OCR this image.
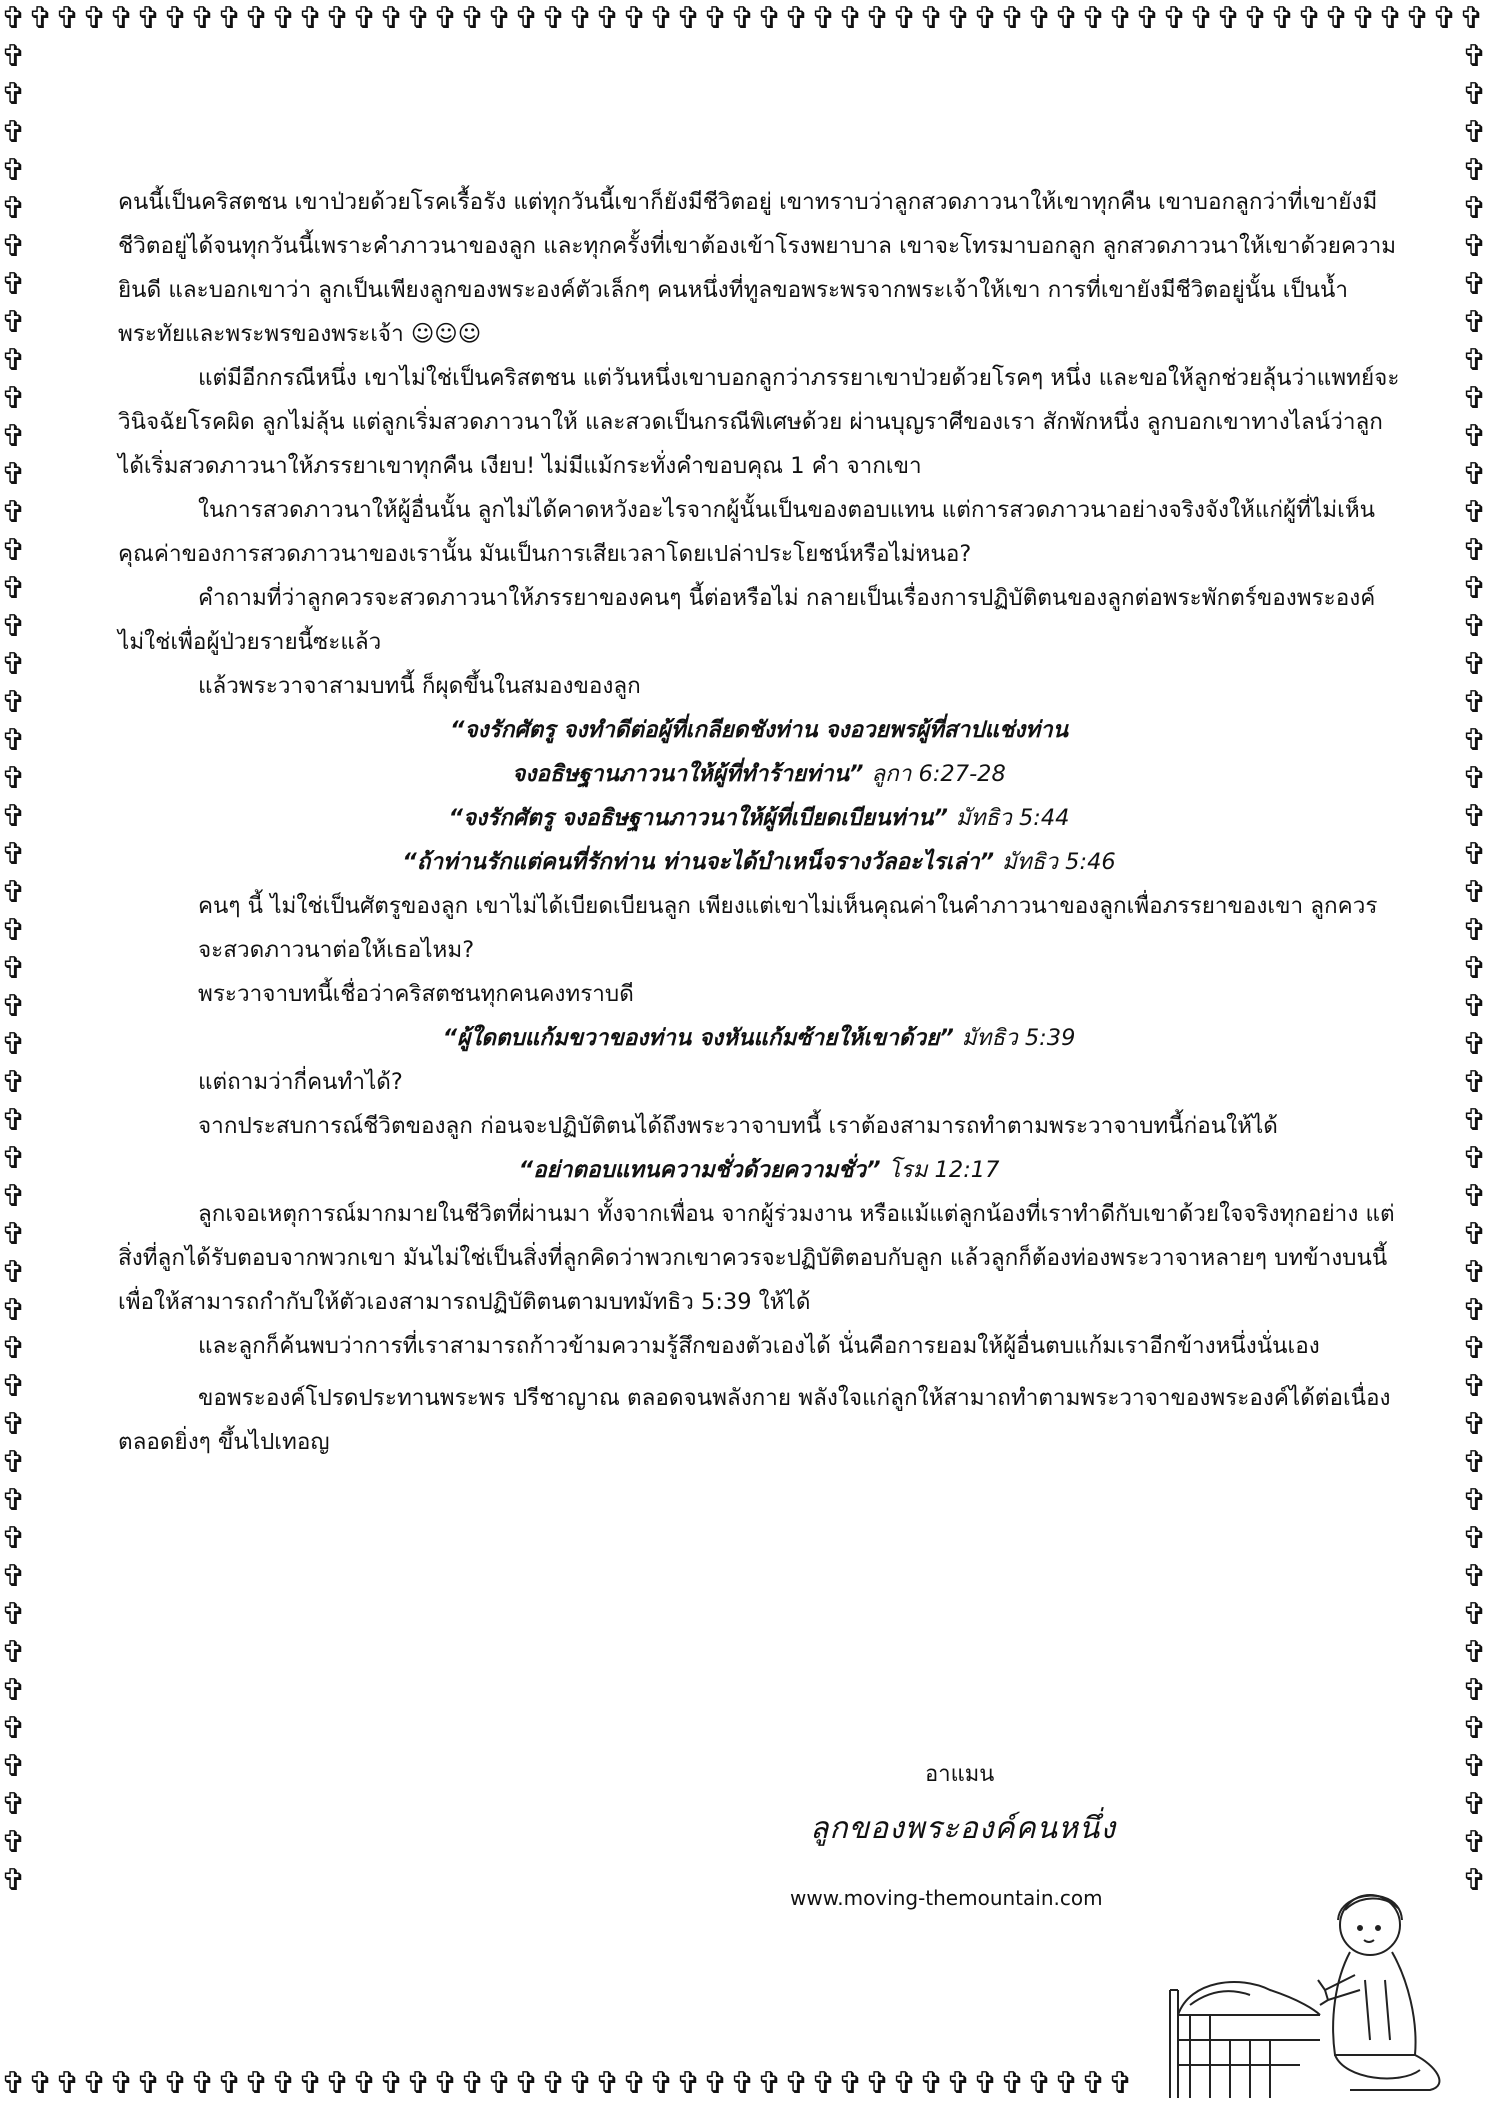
✞ ✞ ✞ ✞ ✞ ✞ ✞ ✞ ✞ ✞ ✞ ✞ ✞ ✞ ✞ ✞ ✞ ✞ ✞ ✞ ✞ ✞ ✞ ✞ ✞ ✞ ✞ ✞ ✞ ✞ ✞ ✞ ✞ ✞ ✞ ✞ ✞ ✞ ✞ ✞ ✞ ✞ ✞ ✞ ✞ ✞ ✞ ✞ ✞ ✞ ✞ ✞ ✞ ✞ ✞
✞ ✞ ✞ ✞ ✞ ✞ ✞ ✞ ✞ ✞ ✞ ✞ ✞ ✞ ✞ ✞ ✞ ✞ ✞ ✞ ✞ ✞ ✞ ✞ ✞ ✞ ✞ ✞ ✞ ✞ ✞ ✞ ✞ ✞ ✞ ✞ ✞ ✞ ✞ ✞ ✞ ✞
✞
✞
✞
✞
✞
✞
✞
✞
✞
✞
✞
✞
✞
✞
✞
✞
✞
✞
✞
✞
✞
✞
✞
✞
✞
✞
✞
✞
✞
✞
✞
✞
✞
✞
✞
✞
✞
✞
✞
✞
✞
✞
✞
✞
✞
✞
✞
✞
✞
✞
✞
✞
✞
✞
✞
✞
✞
✞
✞
✞
✞
✞
✞
✞
✞
✞
✞
✞
✞
✞
✞
✞
✞
✞
✞
✞
✞
✞
✞
✞
✞
✞
✞
✞
✞
✞
✞
✞
✞
✞
✞
✞
✞
✞
✞
✞
✞
✞

คนนี้เป็นคริสตชน เขาป่วยด้วยโรคเรื้อรัง แต่ทุกวันนี้เขาก็ยังมีชีวิตอยู่ เขาทราบว่าลูกสวดภาวนาให้เขาทุกคืน เขาบอกลูกว่าที่เขายังมีชีวิตอยู่ได้จนทุกวันนี้เพราะคำภาวนาของลูก และทุกครั้งที่เขาต้องเข้าโรงพยาบาล เขาจะโทรมาบอกลูก ลูกสวดภาวนาให้เขาด้วยความยินดี และบอกเขาว่า ลูกเป็นเพียงลูกของพระองค์ตัวเล็กๆ คนหนึ่งที่ทูลขอพระพรจากพระเจ้าให้เขา การที่เขายังมีชีวิตอยู่นั้น เป็นน้ำพระทัยและพระพรของพระเจ้า ☺☺☺

แต่มีอีกกรณีหนึ่ง เขาไม่ใช่เป็นคริสตชน แต่วันหนึ่งเขาบอกลูกว่าภรรยาเขาป่วยด้วยโรคๆ หนึ่ง และขอให้ลูกช่วยลุ้นว่าแพทย์จะวินิจฉัยโรคผิด ลูกไม่ลุ้น แต่ลูกเริ่มสวดภาวนาให้ และสวดเป็นกรณีพิเศษด้วย ผ่านบุญราศีของเรา สักพักหนึ่ง ลูกบอกเขาทางไลน์ว่าลูกได้เริ่มสวดภาวนาให้ภรรยาเขาทุกคืน เงียบ! ไม่มีแม้กระทั่งคำขอบคุณ 1 คำ จากเขา

ในการสวดภาวนาให้ผู้อื่นนั้น ลูกไม่ได้คาดหวังอะไรจากผู้นั้นเป็นของตอบแทน แต่การสวดภาวนาอย่างจริงจังให้แก่ผู้ที่ไม่เห็นคุณค่าของการสวดภาวนาของเรานั้น มันเป็นการเสียเวลาโดยเปล่าประโยชน์หรือไม่หนอ?

คำถามที่ว่าลูกควรจะสวดภาวนาให้ภรรยาของคนๆ นี้ต่อหรือไม่ กลายเป็นเรื่องการปฏิบัติตนของลูกต่อพระพักตร์ของพระองค์ ไม่ใช่เพื่อผู้ป่วยรายนี้ซะแล้ว

แล้วพระวาจาสามบทนี้ ก็ผุดขึ้นในสมองของลูก

“จงรักศัตรู จงทำดีต่อผู้ที่เกลียดชังท่าน จงอวยพรผู้ที่สาปแช่งท่าน

จงอธิษฐานภาวนาให้ผู้ที่ทำร้ายท่าน” ลูกา 6:27-28

“จงรักศัตรู จงอธิษฐานภาวนาให้ผู้ที่เบียดเบียนท่าน” มัทธิว 5:44

“ถ้าท่านรักแต่คนที่รักท่าน ท่านจะได้บำเหน็จรางวัลอะไรเล่า” มัทธิว 5:46

คนๆ นี้ ไม่ใช่เป็นศัตรูของลูก เขาไม่ได้เบียดเบียนลูก เพียงแต่เขาไม่เห็นคุณค่าในคำภาวนาของลูกเพื่อภรรยาของเขา ลูกควรจะสวดภาวนาต่อให้เธอไหม?

พระวาจาบทนี้เชื่อว่าคริสตชนทุกคนคงทราบดี

“ผู้ใดตบแก้มขวาของท่าน จงหันแก้มซ้ายให้เขาด้วย” มัทธิว 5:39

แต่ถามว่ากี่คนทำได้?

จากประสบการณ์ชีวิตของลูก ก่อนจะปฏิบัติตนได้ถึงพระวาจาบทนี้ เราต้องสามารถทำตามพระวาจาบทนี้ก่อนให้ได้

“อย่าตอบแทนความชั่วด้วยความชั่ว” โรม 12:17

ลูกเจอเหตุการณ์มากมายในชีวิตที่ผ่านมา ทั้งจากเพื่อน จากผู้ร่วมงาน หรือแม้แต่ลูกน้องที่เราทำดีกับเขาด้วยใจจริงทุกอย่าง แต่สิ่งที่ลูกได้รับตอบจากพวกเขา มันไม่ใช่เป็นสิ่งที่ลูกคิดว่าพวกเขาควรจะปฏิบัติตอบกับลูก แล้วลูกก็ต้องท่องพระวาจาหลายๆ บทข้างบนนี้ เพื่อให้สามารถกำกับให้ตัวเองสามารถปฏิบัติตนตามบทมัทธิว 5:39 ให้ได้

และลูกก็ค้นพบว่าการที่เราสามารถก้าวข้ามความรู้สึกของตัวเองได้ นั่นคือการยอมให้ผู้อื่นตบแก้มเราอีกข้างหนึ่งนั่นเอง

ขอพระองค์โปรดประทานพระพร ปรีชาญาณ ตลอดจนพลังกาย พลังใจแก่ลูกให้สามาถทำตามพระวาจาของพระองค์ได้ต่อเนื่องตลอดยิ่งๆ ขึ้นไปเทอญ

อาแมน
ลูกของพระองค์คนหนึ่ง
www.moving-themountain.com
